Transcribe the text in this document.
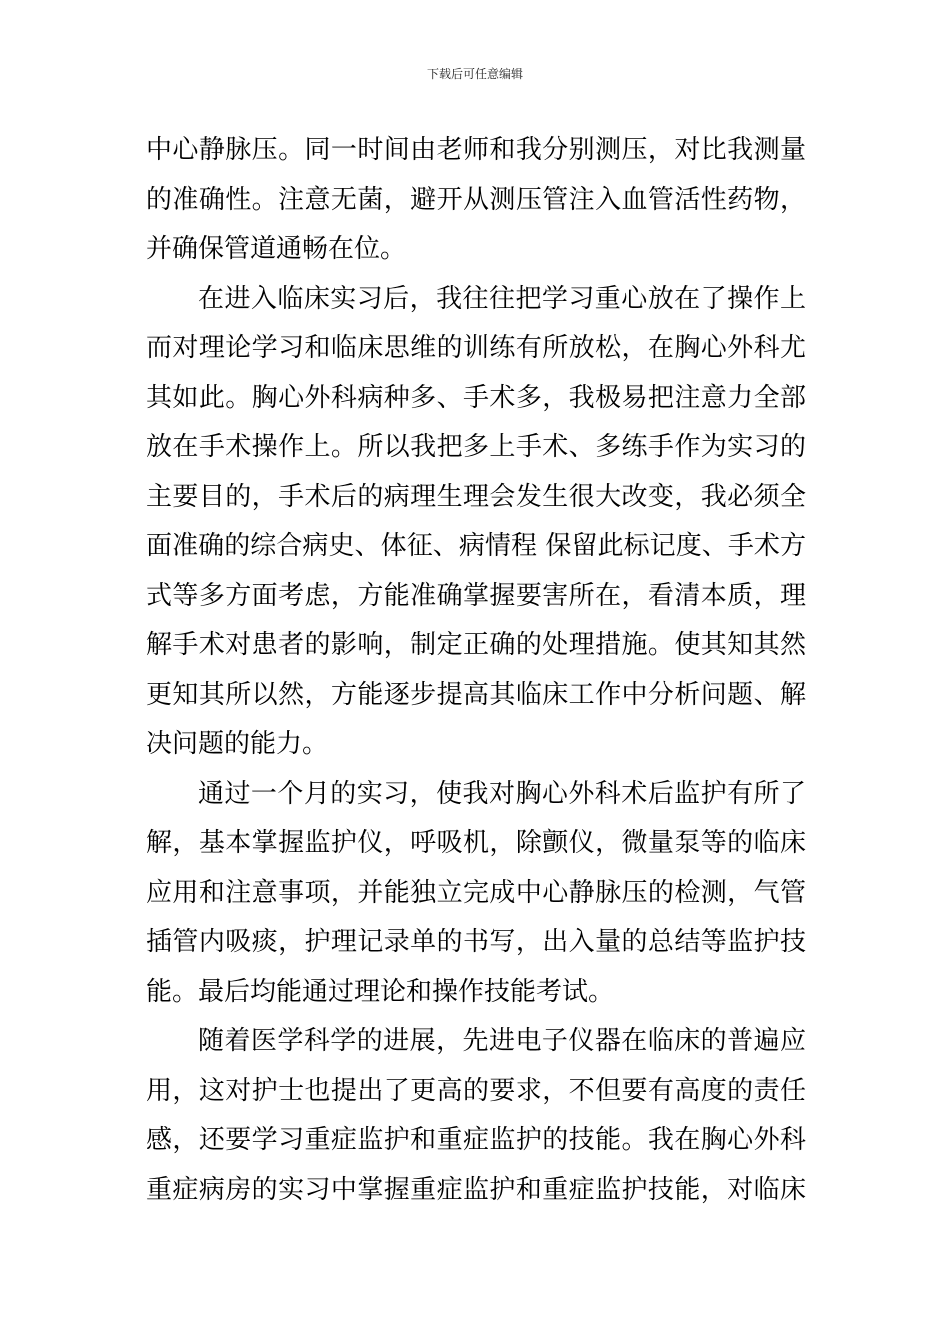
下载后可任意编辑
中心静脉压。同一时间由老师和我分别测压，对比我测量
的准确性。注意无菌，避开从测压管注入血管活性药物，
并确保管道通畅在位。
在进入临床实习后，我往往把学习重心放在了操作上
而对理论学习和临床思维的训练有所放松，在胸心外科尤
其如此。胸心外科病种多、手术多，我极易把注意力全部
放在手术操作上。所以我把多上手术、多练手作为实习的
主要目的，手术后的病理生理会发生很大改变，我必须全
面准确的综合病史、体征、病情程 保留此标记度、手术方
式等多方面考虑，方能准确掌握要害所在，看清本质，理
解手术对患者的影响，制定正确的处理措施。使其知其然
更知其所以然，方能逐步提高其临床工作中分析问题、解
决问题的能力。
通过一个月的实习，使我对胸心外科术后监护有所了
解，基本掌握监护仪，呼吸机，除颤仪，微量泵等的临床
应用和注意事项，并能独立完成中心静脉压的检测，气管
插管内吸痰，护理记录单的书写，出入量的总结等监护技
能。最后均能通过理论和操作技能考试。
随着医学科学的进展，先进电子仪器在临床的普遍应
用，这对护士也提出了更高的要求，不但要有高度的责任
感，还要学习重症监护和重症监护的技能。我在胸心外科
重症病房的实习中掌握重症监护和重症监护技能，对临床
